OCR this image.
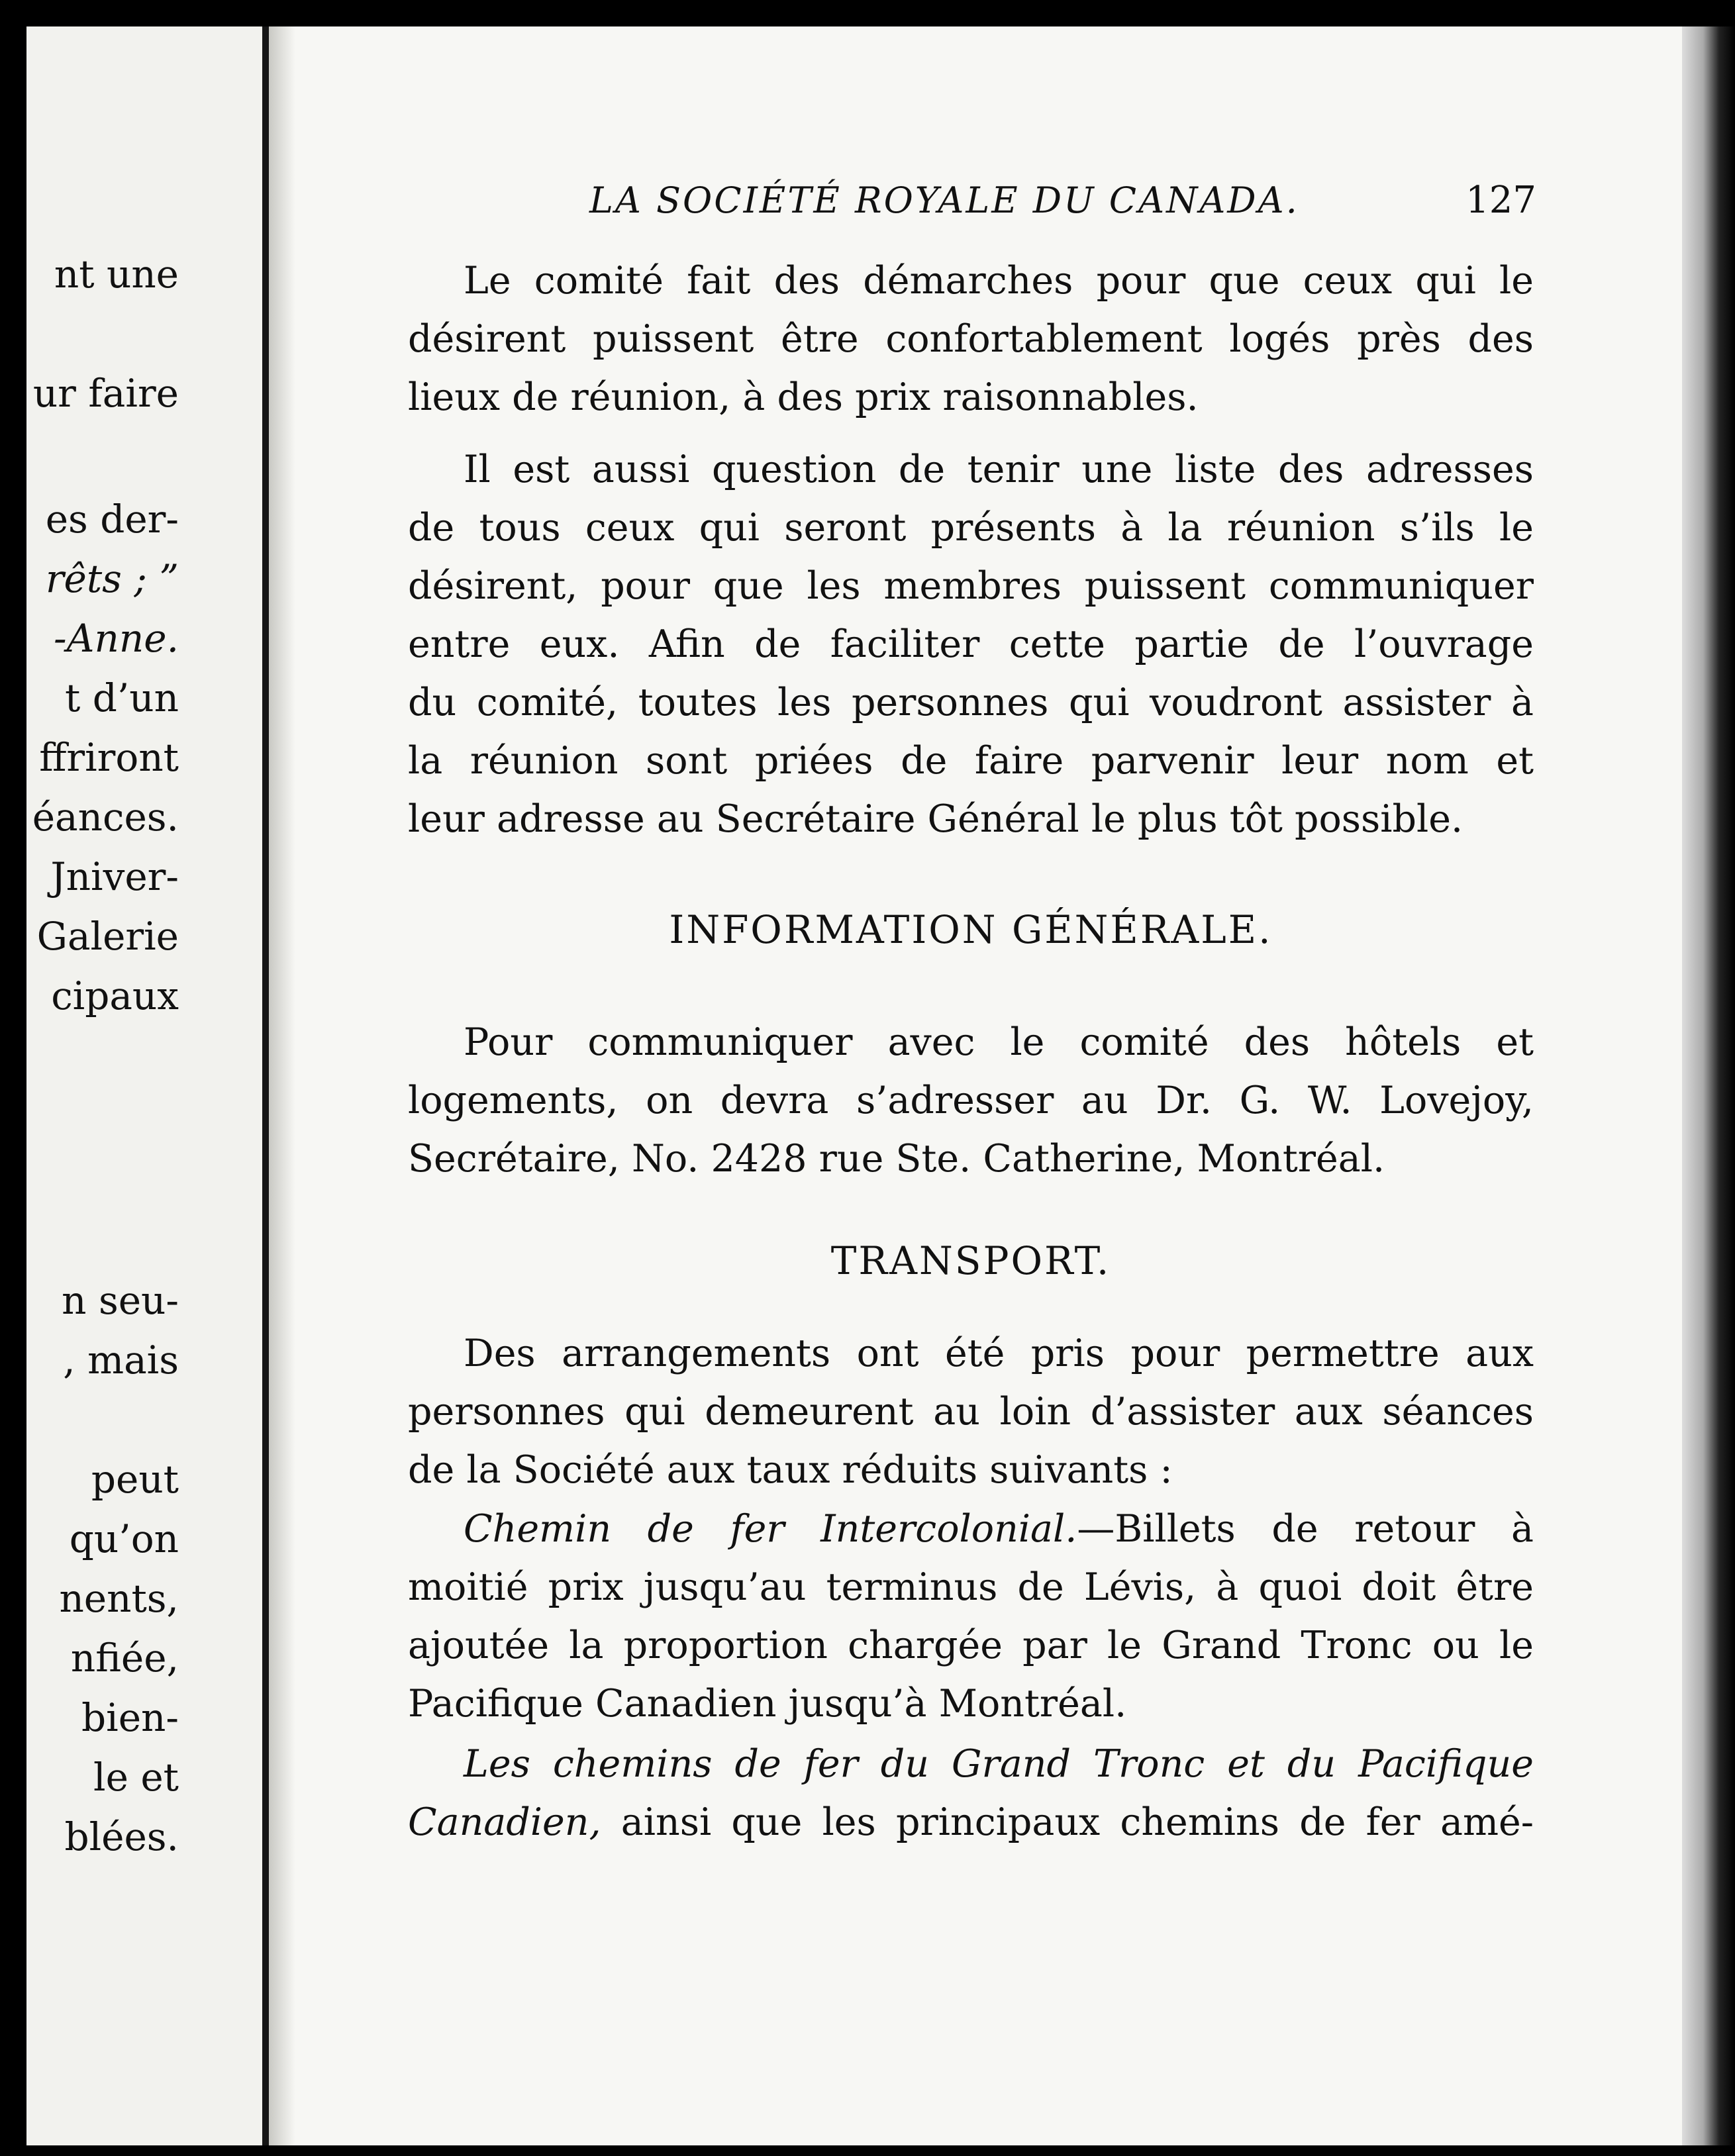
nt une
ur faire
es der-
rêts ; ”
-Anne.
t d’un
ffriront
éances.
Jniver-
Galerie
cipaux
n seu-
, mais
peut
qu’on
nents,
nfiée,
bien-
le et
blées.
LA SOCIÉTÉ ROYALE DU CANADA.	127
Le comité fait des démarches pour que ceux qui le
désirent puissent être confortablement logés près des
lieux de réunion, à des prix raisonnables.
Il est aussi question de tenir une liste des adresses
de tous ceux qui seront présents à la réunion s’ils le
désirent, pour que les membres puissent communiquer
entre eux. Afin de faciliter cette partie de l’ouvrage
du comité, toutes les personnes qui voudront assister à
la réunion sont priées de faire parvenir leur nom et
leur adresse au Secrétaire Général le plus tôt possible.
INFORMATION GÉNÉRALE.
Pour communiquer avec le comité des hôtels et
logements, on devra s’adresser au Dr. G. W. Lovejoy,
Secrétaire, No. 2428 rue Ste. Catherine, Montréal.
TRANSPORT.
Des arrangements ont été pris pour permettre aux
personnes qui demeurent au loin d’assister aux séances
de la Société aux taux réduits suivants :
Chemin de fer Intercolonial.—Billets de retour à
moitié prix jusqu’au terminus de Lévis, à quoi doit être
ajoutée la proportion chargée par le Grand Tronc ou le
Pacifique Canadien jusqu’à Montréal.
Les chemins de fer du Grand Tronc et du Pacifique
Canadien, ainsi que les principaux chemins de fer amé-
